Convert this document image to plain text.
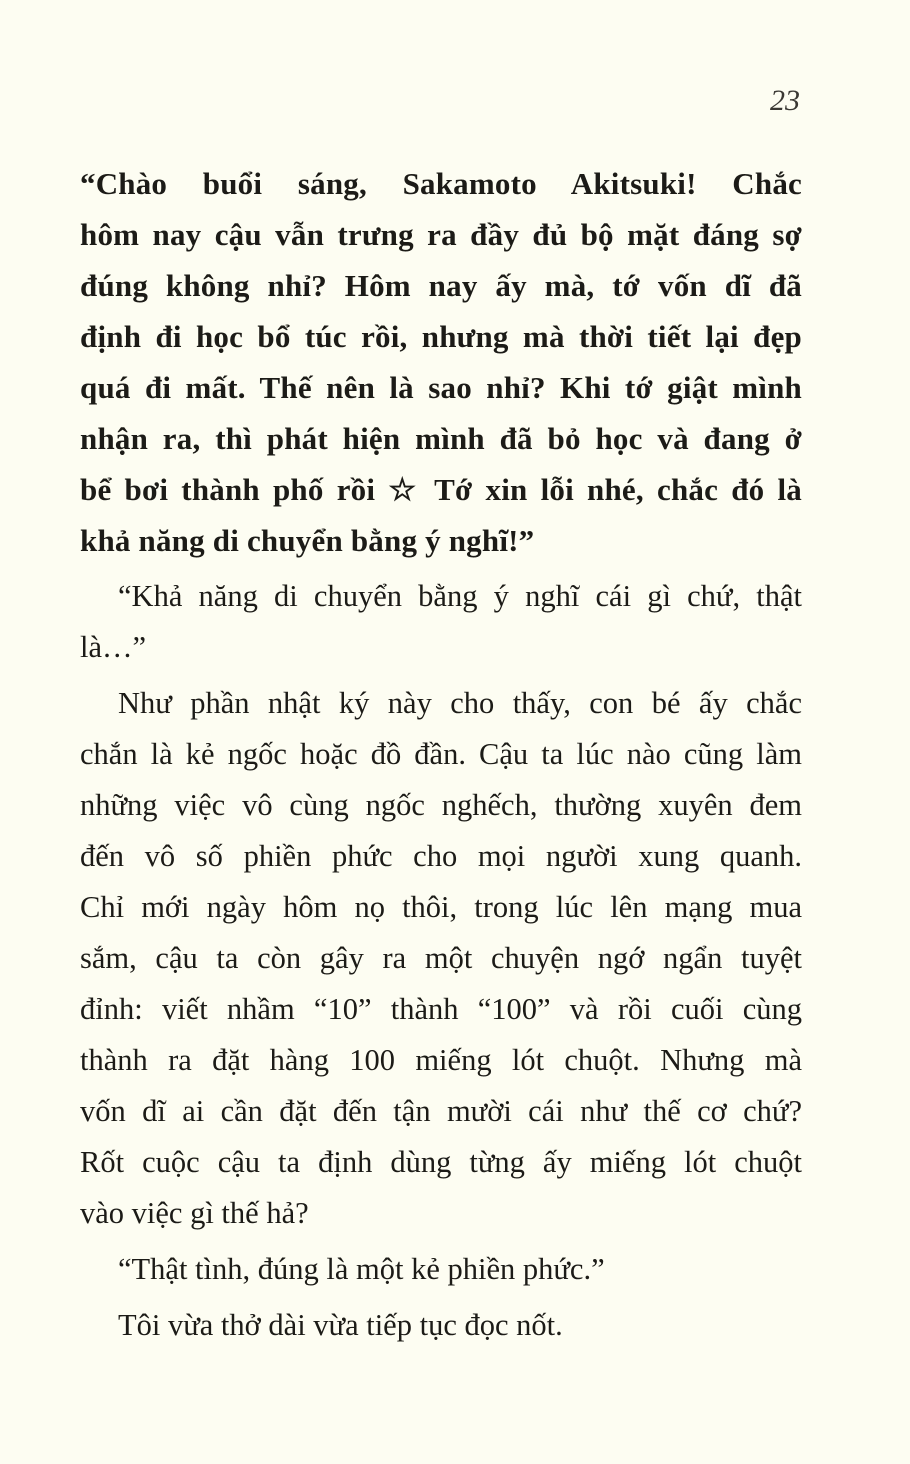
23

“Chào buổi sáng, Sakamoto Akitsuki! Chắc
hôm nay cậu vẫn trưng ra đầy đủ bộ mặt đáng sợ
đúng không nhỉ? Hôm nay ấy mà, tớ vốn dĩ đã
định đi học bổ túc rồi, nhưng mà thời tiết lại đẹp
quá đi mất. Thế nên là sao nhỉ? Khi tớ giật mình
nhận ra, thì phát hiện mình đã bỏ học và đang ở
bể bơi thành phố rồi ☆ Tớ xin lỗi nhé, chắc đó là
khả năng di chuyển bằng ý nghĩ!”
“Khả năng di chuyển bằng ý nghĩ cái gì chứ, thật
là…”
Như phần nhật ký này cho thấy, con bé ấy chắc
chắn là kẻ ngốc hoặc đồ đần. Cậu ta lúc nào cũng làm
những việc vô cùng ngốc nghếch, thường xuyên đem
đến vô số phiền phức cho mọi người xung quanh.
Chỉ mới ngày hôm nọ thôi, trong lúc lên mạng mua
sắm, cậu ta còn gây ra một chuyện ngớ ngẩn tuyệt
đỉnh: viết nhầm “10” thành “100” và rồi cuối cùng
thành ra đặt hàng 100 miếng lót chuột. Nhưng mà
vốn dĩ ai cần đặt đến tận mười cái như thế cơ chứ?
Rốt cuộc cậu ta định dùng từng ấy miếng lót chuột
vào việc gì thế hả?
“Thật tình, đúng là một kẻ phiền phức.”
Tôi vừa thở dài vừa tiếp tục đọc nốt.
